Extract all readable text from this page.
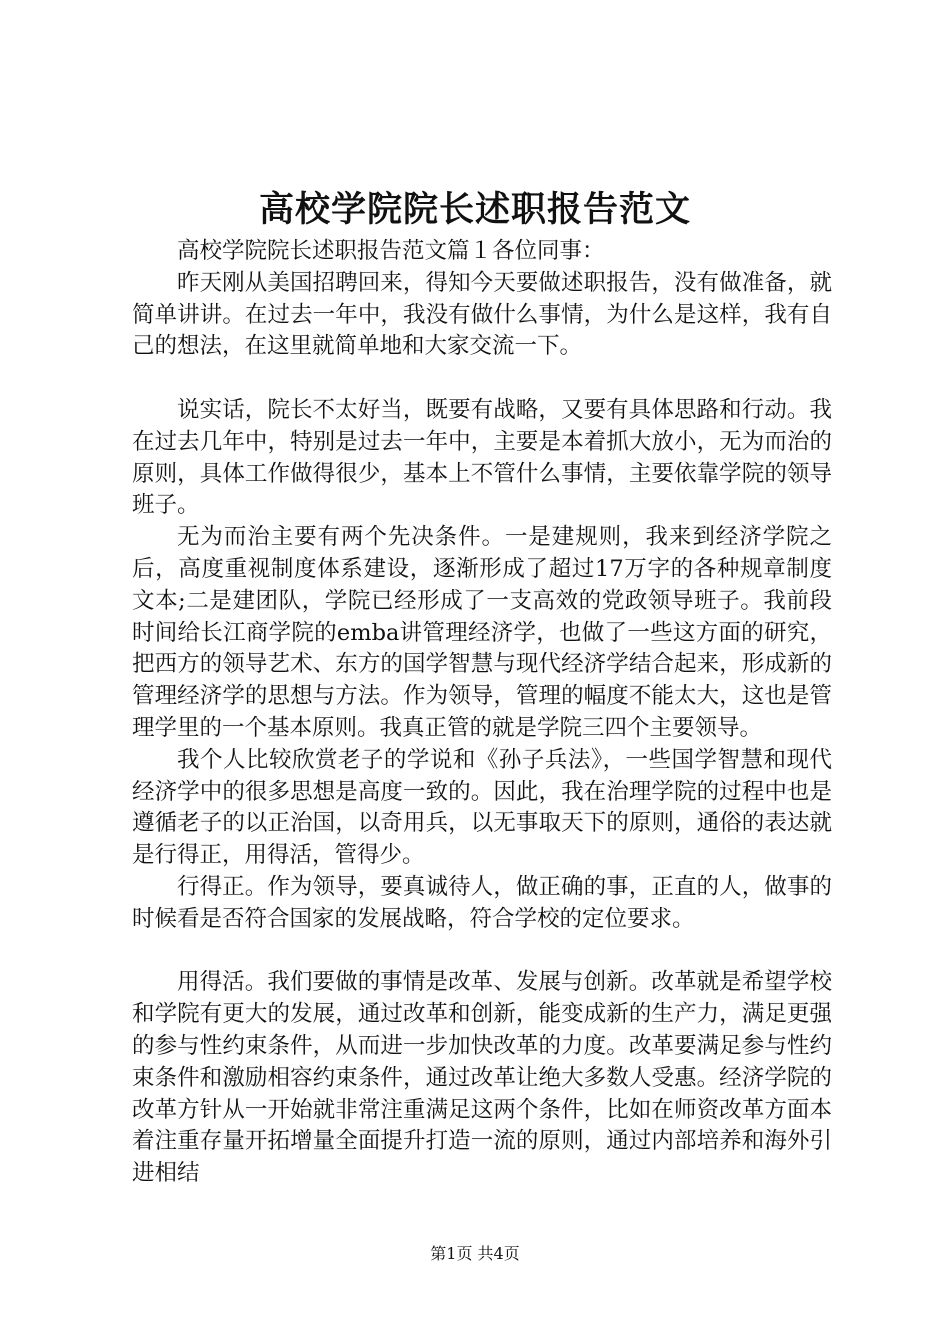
高校学院院长述职报告范文

高校学院院长述职报告范文篇１各位同事：

昨天刚从美国招聘回来，得知今天要做述职报告，没有做准备，就简单讲讲。在过去一年中，我没有做什么事情，为什么是这样，我有自己的想法，在这里就简单地和大家交流一下。

说实话，院长不太好当，既要有战略，又要有具体思路和行动。我在过去几年中，特别是过去一年中，主要是本着抓大放小，无为而治的原则，具体工作做得很少，基本上不管什么事情，主要依靠学院的领导班子。

无为而治主要有两个先决条件。一是建规则，我来到经济学院之后，高度重视制度体系建设，逐渐形成了超过17万字的各种规章制度文本;二是建团队，学院已经形成了一支高效的党政领导班子。我前段时间给长江商学院的emba讲管理经济学，也做了一些这方面的研究，把西方的领导艺术、东方的国学智慧与现代经济学结合起来，形成新的管理经济学的思想与方法。作为领导，管理的幅度不能太大，这也是管理学里的一个基本原则。我真正管的就是学院三四个主要领导。

我个人比较欣赏老子的学说和《孙子兵法》，一些国学智慧和现代经济学中的很多思想是高度一致的。因此，我在治理学院的过程中也是遵循老子的以正治国，以奇用兵，以无事取天下的原则，通俗的表达就是行得正，用得活，管得少。

行得正。作为领导，要真诚待人，做正确的事，正直的人，做事的时候看是否符合国家的发展战略，符合学校的定位要求。

用得活。我们要做的事情是改革、发展与创新。改革就是希望学校和学院有更大的发展，通过改革和创新，能变成新的生产力，满足更强的参与性约束条件，从而进一步加快改革的力度。改革要满足参与性约束条件和激励相容约束条件，通过改革让绝大多数人受惠。经济学院的改革方针从一开始就非常注重满足这两个条件，比如在师资改革方面本着注重存量开拓增量全面提升打造一流的原则，通过内部培养和海外引进相结

第1页 共4页
